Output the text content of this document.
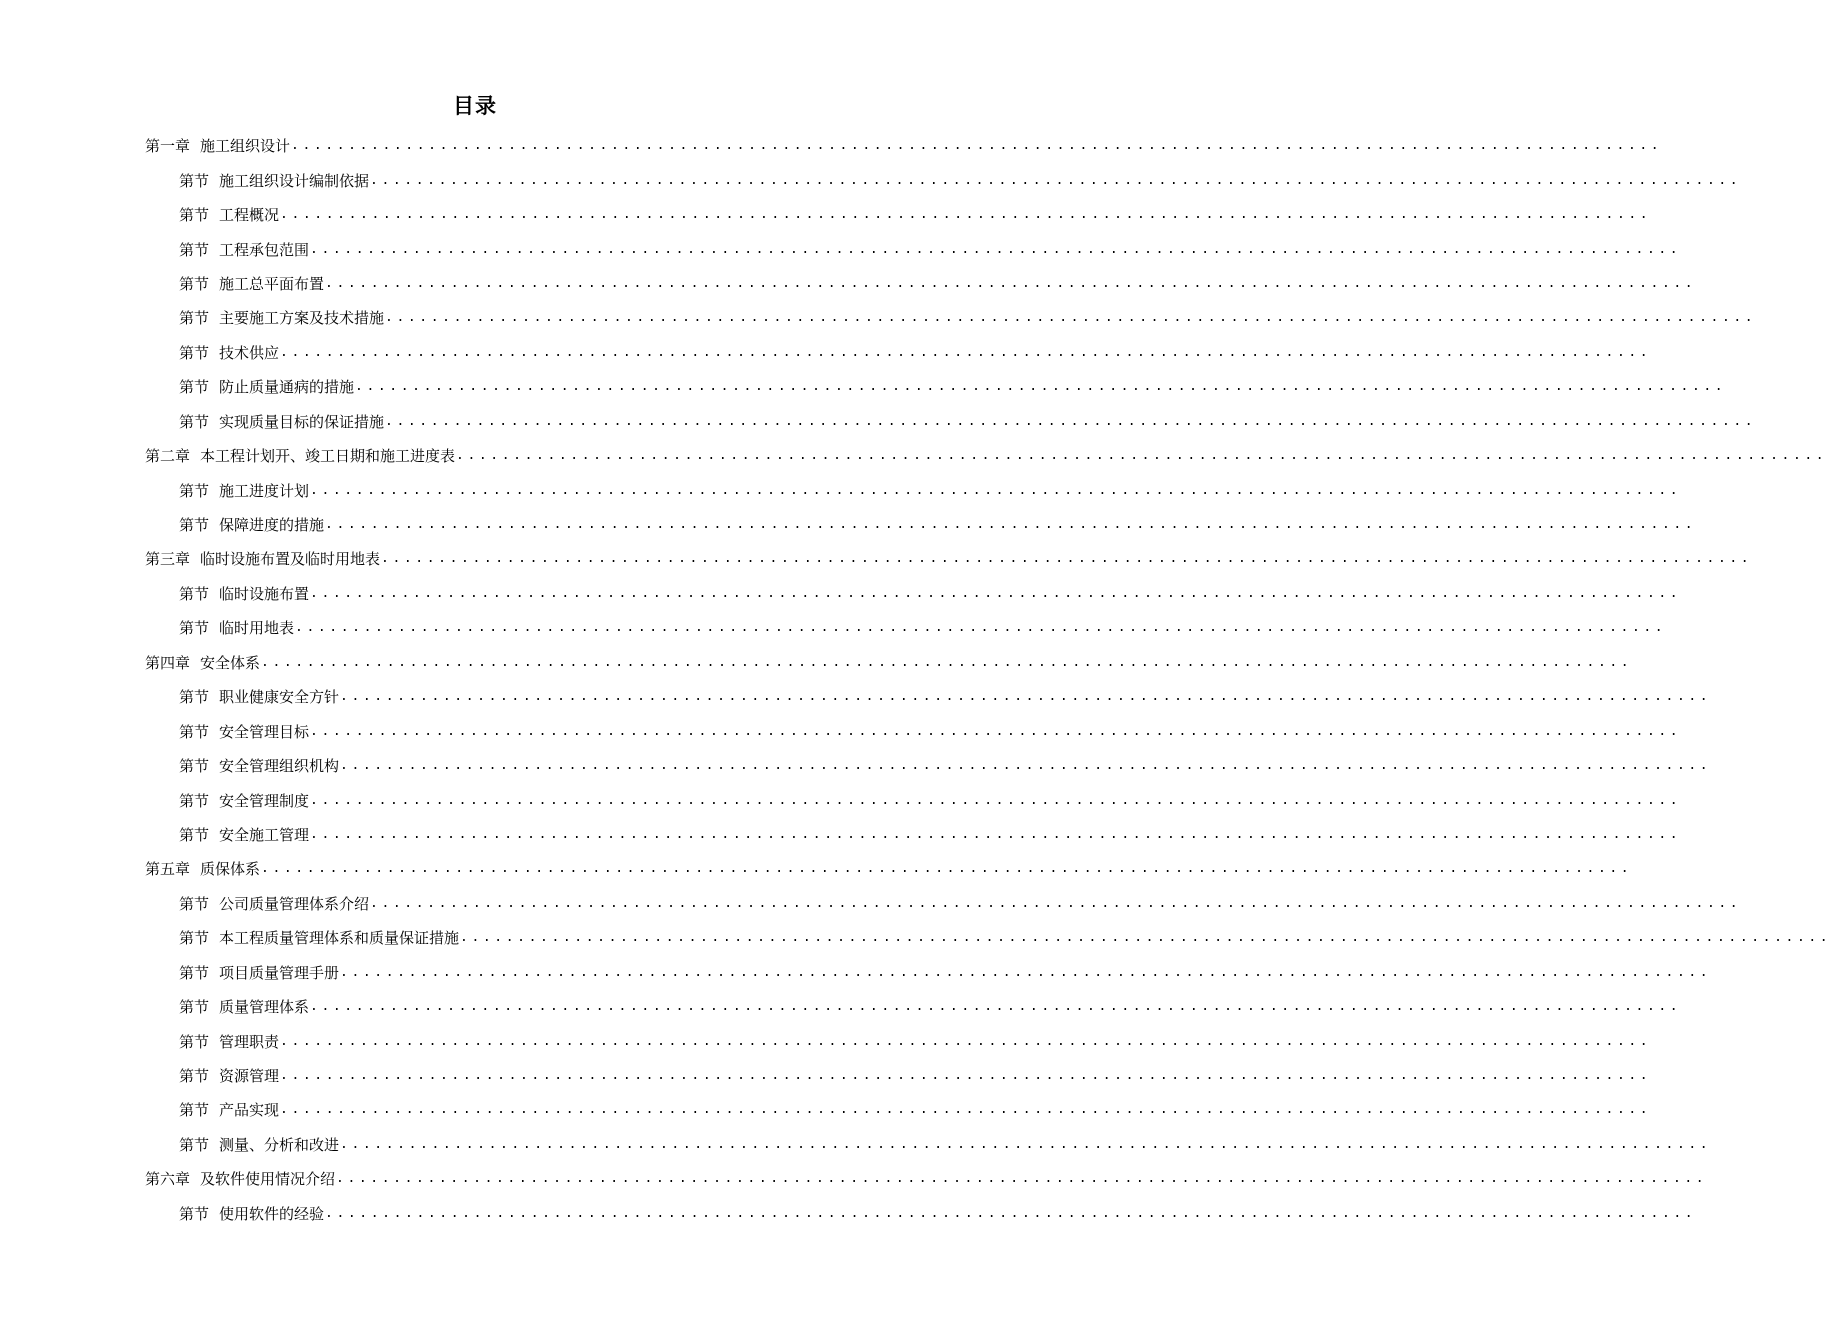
目录
第一章 施工组织设计 ........................................................................................................................
第节 施工组织设计编制依据 ........................................................................................................................
第节 工程概况 ........................................................................................................................
第节 工程承包范围 ........................................................................................................................
第节 施工总平面布置 ........................................................................................................................
第节 主要施工方案及技术措施 ........................................................................................................................
第节 技术供应 ........................................................................................................................
第节 防止质量通病的措施 ........................................................................................................................
第节 实现质量目标的保证措施 ........................................................................................................................
第二章 本工程计划开、竣工日期和施工进度表 ........................................................................................................................
第节 施工进度计划 ........................................................................................................................
第节 保障进度的措施 ........................................................................................................................
第三章 临时设施布置及临时用地表 ........................................................................................................................
第节 临时设施布置 ........................................................................................................................
第节 临时用地表 ........................................................................................................................
第四章 安全体系 ........................................................................................................................
第节 职业健康安全方针 ........................................................................................................................
第节 安全管理目标 ........................................................................................................................
第节 安全管理组织机构 ........................................................................................................................
第节 安全管理制度 ........................................................................................................................
第节 安全施工管理 ........................................................................................................................
第五章 质保体系 ........................................................................................................................
第节 公司质量管理体系介绍 ........................................................................................................................
第节 本工程质量管理体系和质量保证措施 ........................................................................................................................
第节 项目质量管理手册 ........................................................................................................................
第节 质量管理体系 ........................................................................................................................
第节 管理职责 ........................................................................................................................
第节 资源管理 ........................................................................................................................
第节 产品实现 ........................................................................................................................
第节 测量、分析和改进 ........................................................................................................................
第六章 及软件使用情况介绍 ........................................................................................................................
第节 使用软件的经验 ........................................................................................................................
